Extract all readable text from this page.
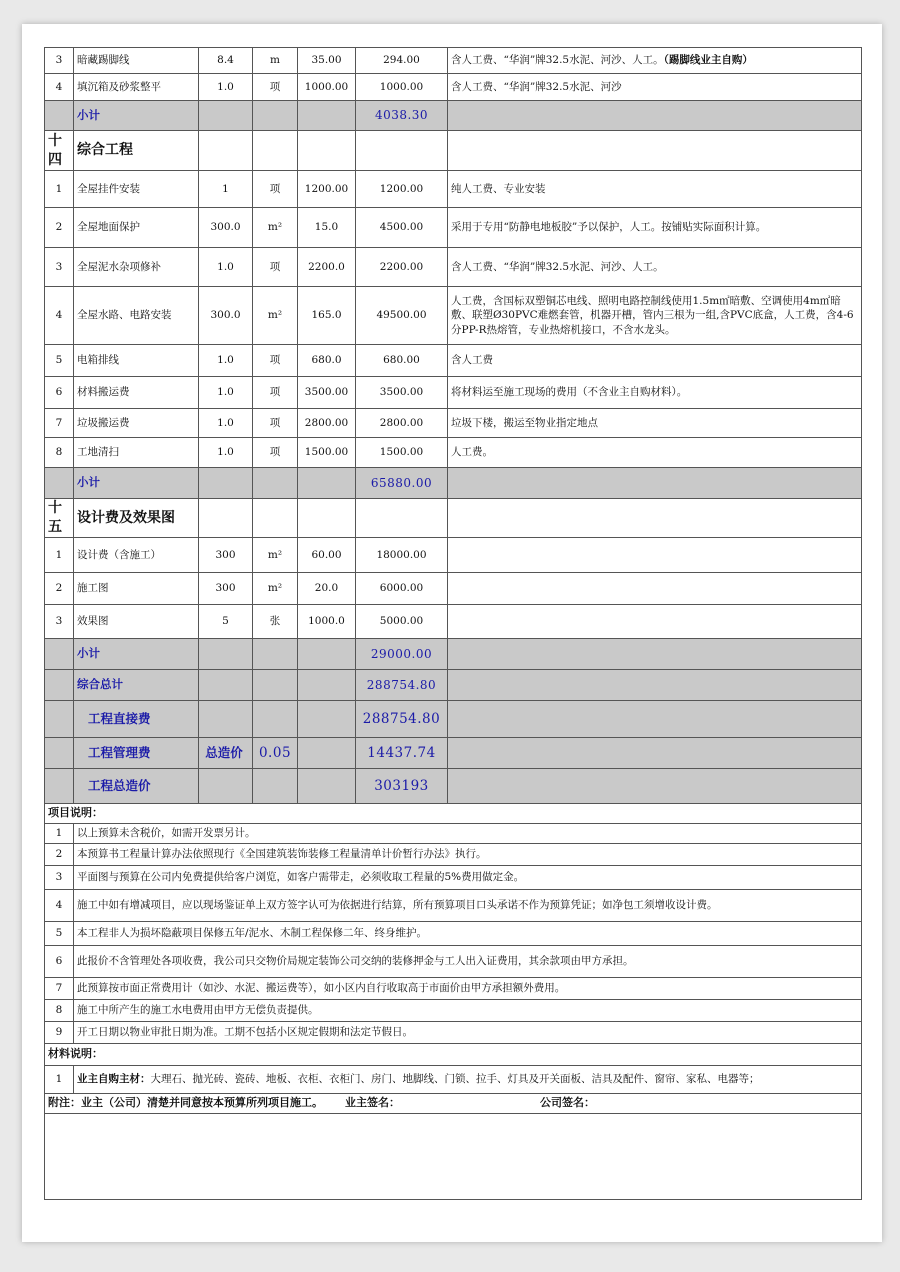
3	暗藏踢脚线	8.4	m	35.00	294.00	含人工费、“华润”牌32.5水泥、河沙、人工。（踢脚线业主自购）
4	填沉箱及砂浆整平	1.0	项	1000.00	1000.00	含人工费、“华润”牌32.5水泥、河沙
	小计				4038.30	
十四	综合工程					
1	全屋挂件安装	1	项	1200.00	1200.00	纯人工费、专业安装
2	全屋地面保护	300.0	m²	15.0	4500.00	采用于专用“防静电地板胶”予以保护，人工。按铺贴实际面积计算。
3	全屋泥水杂项修补	1.0	项	2200.0	2200.00	含人工费、“华润”牌32.5水泥、河沙、人工。
4	全屋水路、电路安装	300.0	m²	165.0	49500.00	人工费，含国标双塑铜芯电线、照明电路控制线使用1.5m㎡暗敷、空调使用4m㎡暗敷、联塑Ø30PVC难燃套管，机器开槽，管内三根为一组,含PVC底盒，人工费，含4-6分PP-R热熔管，专业热熔机接口，不含水龙头。
5	电箱排线	1.0	项	680.0	680.00	含人工费
6	材料搬运费	1.0	项	3500.00	3500.00	将材料运至施工现场的费用（不含业主自购材料）。
7	垃圾搬运费	1.0	项	2800.00	2800.00	垃圾下楼，搬运至物业指定地点
8	工地清扫	1.0	项	1500.00	1500.00	人工费。
	小计				65880.00	
十五	设计费及效果图					
1	设计费（含施工）	300	m²	60.00	18000.00	
2	施工图	300	m²	20.0	6000.00	
3	效果图	5	张	1000.0	5000.00	
	小计				29000.00	
	综合总计				288754.80	
	工程直接费				288754.80	
	工程管理费	总造价	0.05		14437.74	
	工程总造价				303193	
项目说明：						
1	以上预算未含税价，如需开发票另计。					
2	本预算书工程量计算办法依照现行《全国建筑装饰装修工程量清单计价暂行办法》执行。					
3	平面图与预算在公司内免费提供给客户浏览，如客户需带走，必须收取工程量的5%费用做定金。					
4	施工中如有增减项目，应以现场鉴证单上双方签字认可为依据进行结算，所有预算项目口头承诺不作为预算凭证；如净包工须增收设计费。					
5	本工程非人为损坏隐蔽项目保修五年/泥水、木制工程保修二年、终身维护。					
6	此报价不含管理处各项收费，我公司只交物价局规定装饰公司交纳的装修押金与工人出入证费用，其余款项由甲方承担。					
7	此预算按市面正常费用计（如沙、水泥、搬运费等），如小区内自行收取高于市面价由甲方承担额外费用。					
8	施工中所产生的施工水电费用由甲方无偿负责提供。					
9	开工日期以物业审批日期为准。工期不包括小区规定假期和法定节假日。					
材料说明：						
1	业主自购主材：大理石、抛光砖、瓷砖、地板、衣柜、衣柜门、房门、地脚线、门锁、拉手、灯具及开关面板、洁具及配件、窗帘、家私、电器等；					
附注：业主（公司）清楚并同意按本预算所列项目施工。 业主签名： 公司签名：						
